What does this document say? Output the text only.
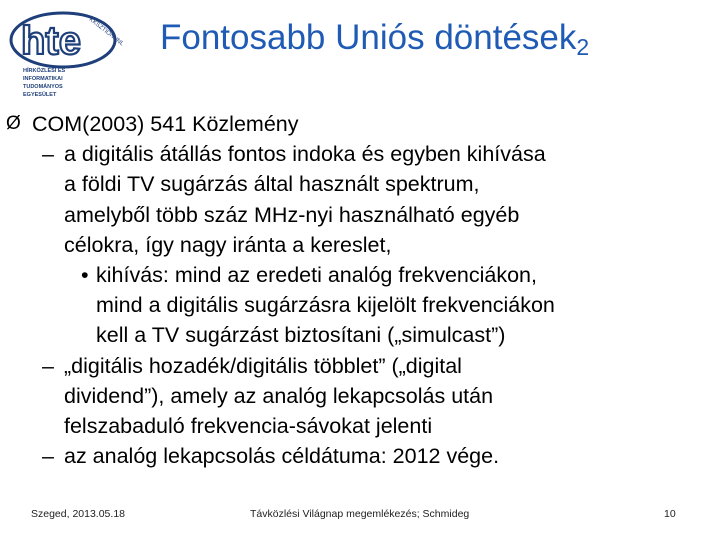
hte KKSZTIÖNNNL
HÍRKÖZLÉSI ÉS
INFORMATIKAI
TUDOMÁNYOS
EGYESÜLET
Fontosabb Uniós döntések$_2$
Ø COM(2003) 541 Közlemény
– a digitális átállás fontos indoka és egyben kihívása
a földi TV sugárzás által használt spektrum,
amelyből több száz MHz-nyi használható egyéb
célokra, így nagy iránta a kereslet,
• kihívás: mind az eredeti analóg frekvenciákon,
mind a digitális sugárzásra kijelölt frekvenciákon
kell a TV sugárzást biztosítani („simulcast”)
– „digitális hozadék/digitális többlet” („digital
dividend”), amely az analóg lekapcsolás után
felszabaduló frekvencia-sávokat jelenti
– az analóg lekapcsolás céldátuma: 2012 vége.
Szeged, 2013.05.18	Távközlési Világnap megemlékezés; Schmideg	10
